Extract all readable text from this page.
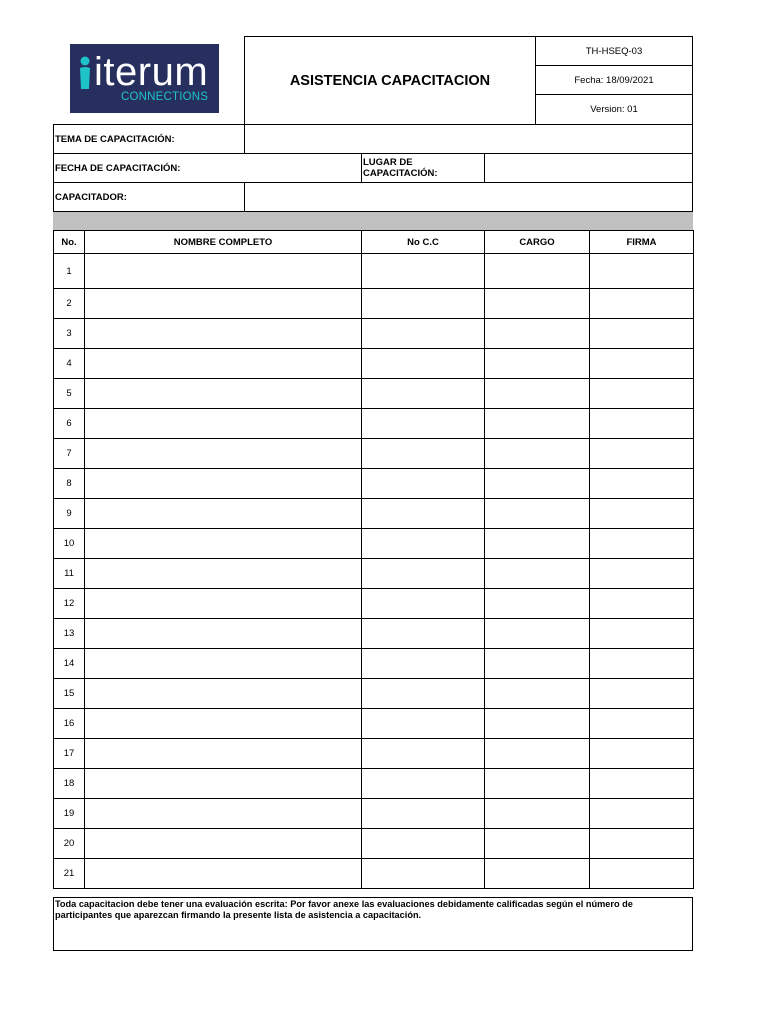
iterum
CONNECTIONS
ASISTENCIA CAPACITACION
TH-HSEQ-03
Fecha: 18/09/2021
Version: 01
TEMA DE CAPACITACIÓN:
FECHA DE CAPACITACIÓN:	LUGAR DE CAPACITACIÓN:
CAPACITADOR:
No.	NOMBRE COMPLETO	No C.C	CARGO	FIRMA
1				
2				
3				
4				
5				
6				
7				
8				
9				
10				
11				
12				
13				
14				
15				
16				
17				
18				
19				
20				
21				
Toda capacitacion debe tener una evaluación escrita: Por favor anexe las evaluaciones debidamente calificadas según el número de participantes que aparezcan firmando la presente lista de asistencia a capacitación.
